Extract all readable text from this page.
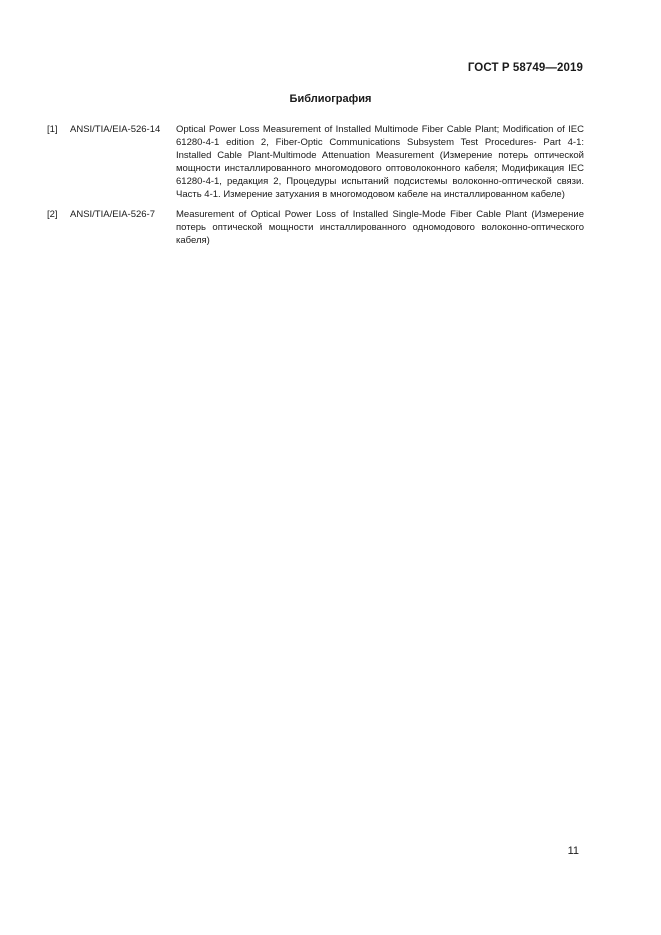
ГОСТ Р 58749—2019
Библиография
[1]	ANSI/TIA/EIA-526-14	Optical Power Loss Measurement of Installed Multimode Fiber Cable Plant; Modification of IEC 61280-4-1 edition 2, Fiber-Optic Communications Subsystem Test Procedures- Part 4-1: Installed Cable Plant-Multimode Attenuation Measurement (Измерение потерь оптической мощности инсталлированного многомодового оптоволоконного кабеля; Модификация IEC 61280-4-1, редакция 2, Процедуры испытаний подсистемы волоконно-оптической связи. Часть 4-1. Измерение затухания в многомодовом кабеле на инсталлированном кабеле)
[2]	ANSI/TIA/EIA-526-7	Measurement of Optical Power Loss of Installed Single-Mode Fiber Cable Plant (Измерение потерь оптической мощности инсталлированного одномодового волоконно-оптического кабеля)
11
